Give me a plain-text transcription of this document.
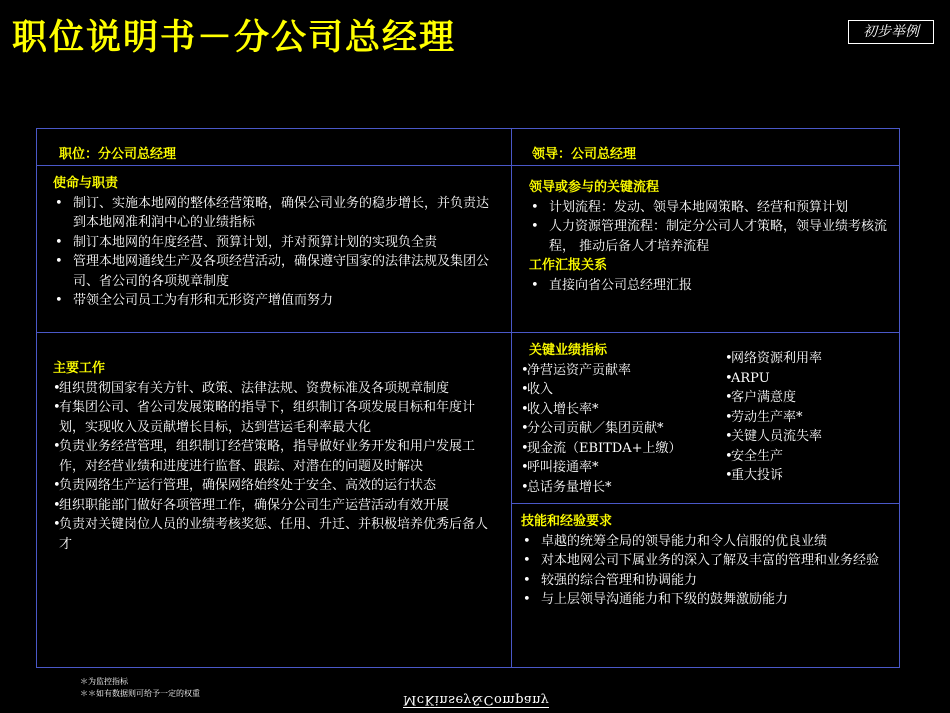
职位说明书－分公司总经理	初步举例
职位：分公司总经理	领导：公司总经理
使命与职责
• 制订、实施本地网的整体经营策略，确保公司业务的稳步增长，并负责达到本地网准利润中心的业绩指标
• 制订本地网的年度经营、预算计划，并对预算计划的实现负全责
• 管理本地网通线生产及各项经营活动，确保遵守国家的法律法规及集团公司、省公司的各项规章制度
• 带领全公司员工为有形和无形资产增值而努力
领导或参与的关键流程
• 计划流程：发动、领导本地网策略、经营和预算计划
• 人力资源管理流程：制定分公司人才策略，领导业绩考核流程， 推动后备人才培养流程
工作汇报关系
• 直接向省公司总经理汇报
主要工作
• 组织贯彻国家有关方针、政策、法律法规、资费标准及各项规章制度
• 有集团公司、省公司发展策略的指导下，组织制订各项发展目标和年度计划，实现收入及贡献增长目标，达到营运毛利率最大化
• 负责业务经营管理，组织制订经营策略，指导做好业务开发和用户发展工作，对经营业绩和进度进行监督、跟踪、对潜在的问题及时解决
• 负责网络生产运行管理，确保网络始终处于安全、高效的运行状态
• 组织职能部门做好各项管理工作，确保分公司生产运营活动有效开展
• 负责对关键岗位人员的业绩考核奖惩、任用、升迁、并积极培养优秀后备人才
关键业绩指标
• 净营运资产贡献率
• 收入
• 收入增长率*
• 分公司贡献／集团贡献*
• 现金流（EBITDA+上缴）
• 呼叫接通率*
• 总话务量增长*
• 网络资源利用率
• ARPU
• 客户满意度
• 劳动生产率*
• 关键人员流失率
• 安全生产
• 重大投诉
技能和经验要求
• 卓越的统筹全局的领导能力和令人信服的优良业绩
• 对本地网公司下属业务的深入了解及丰富的管理和业务经验
• 较强的综合管理和协调能力
• 与上层领导沟通能力和下级的鼓舞激励能力
＊为监控指标
＊＊如有数据则可给予一定的权重	McKinsey&Company
